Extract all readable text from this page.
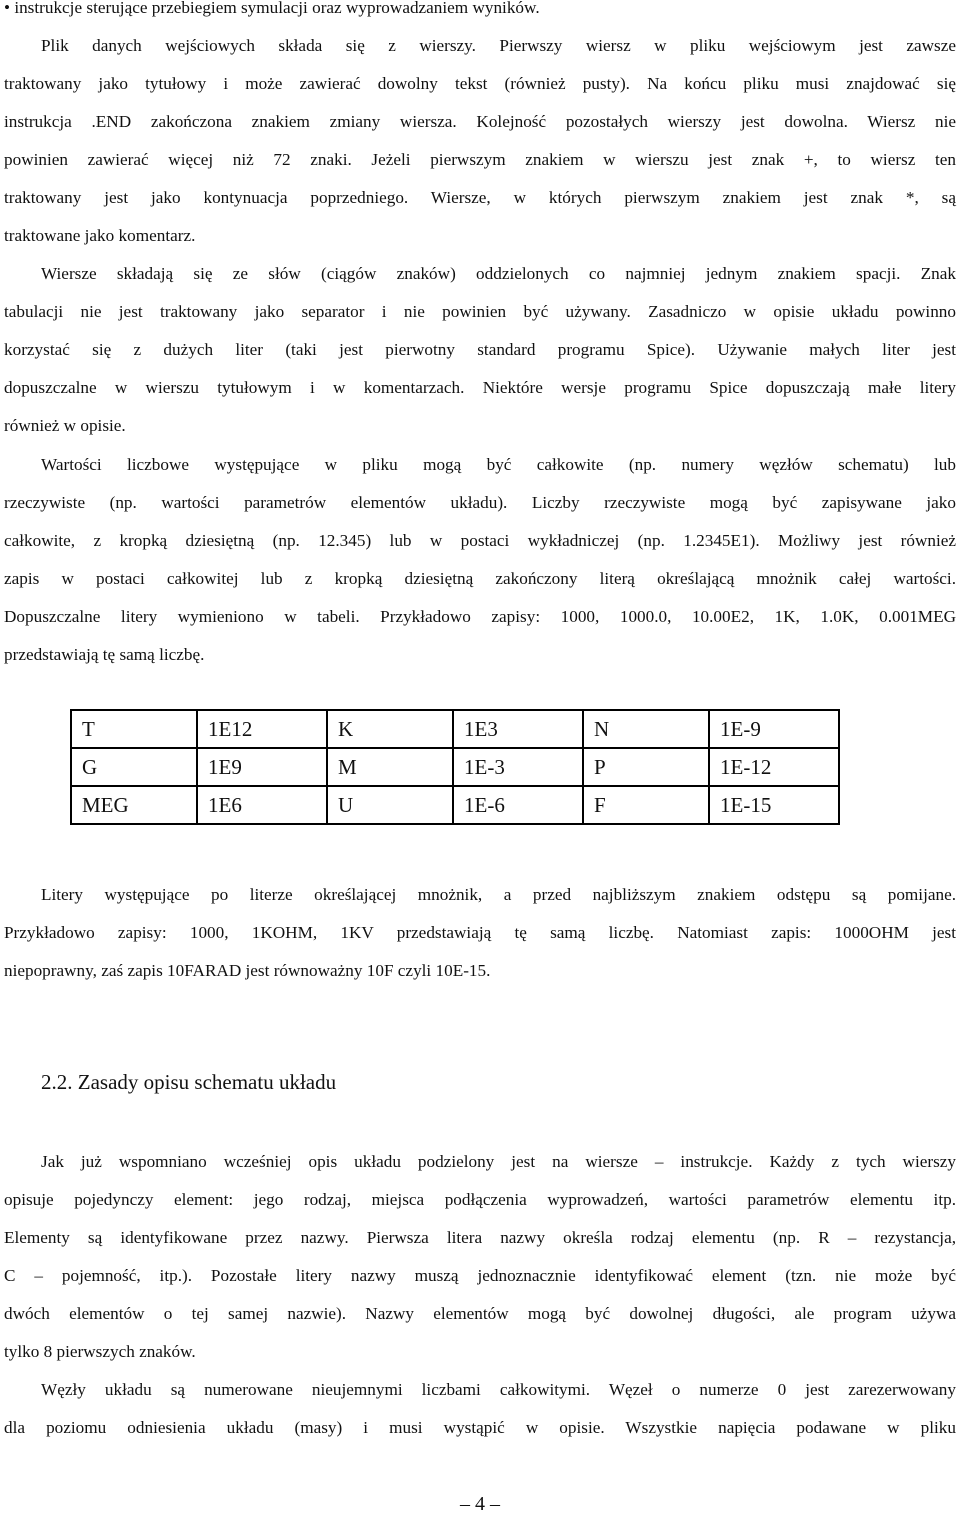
• instrukcje sterujące przebiegiem symulacji oraz wyprowadzaniem wyników.
Plik danych wejściowych składa się z wierszy. Pierwszy wiersz w pliku wejściowym jest zawsze
traktowany jako tytułowy i może zawierać dowolny tekst (również pusty). Na końcu pliku musi znajdować się
instrukcja .END zakończona znakiem zmiany wiersza. Kolejność pozostałych wierszy jest dowolna. Wiersz nie
powinien zawierać więcej niż 72 znaki. Jeżeli pierwszym znakiem w wierszu jest znak +, to wiersz ten
traktowany jest jako kontynuacja poprzedniego. Wiersze, w których pierwszym znakiem jest znak *, są
traktowane jako komentarz.
Wiersze składają się ze słów (ciągów znaków) oddzielonych co najmniej jednym znakiem spacji. Znak
tabulacji nie jest traktowany jako separator i nie powinien być używany. Zasadniczo w opisie układu powinno
korzystać się z dużych liter (taki jest pierwotny standard programu Spice). Używanie małych liter jest
dopuszczalne w wierszu tytułowym i w komentarzach. Niektóre wersje programu Spice dopuszczają małe litery
również w opisie.
Wartości liczbowe występujące w pliku mogą być całkowite (np. numery węzłów schematu) lub
rzeczywiste (np. wartości parametrów elementów układu). Liczby rzeczywiste mogą być zapisywane jako
całkowite, z kropką dziesiętną (np. 12.345) lub w postaci wykładniczej (np. 1.2345E1). Możliwy jest również
zapis w postaci całkowitej lub z kropką dziesiętną zakończony literą określającą mnożnik całej wartości.
Dopuszczalne litery wymieniono w tabeli. Przykładowo zapisy: 1000, 1000.0, 10.00E2, 1K, 1.0K, 0.001MEG
przedstawiają tę samą liczbę.
T	1E12	K	1E3	N	1E-9
G	1E9	M	1E-3	P	1E-12
MEG	1E6	U	1E-6	F	1E-15
Litery występujące po literze określającej mnożnik, a przed najbliższym znakiem odstępu są pomijane.
Przykładowo zapisy: 1000, 1KOHM, 1KV przedstawiają tę samą liczbę. Natomiast zapis: 1000OHM jest
niepoprawny, zaś zapis 10FARAD jest równoważny 10F czyli 10E-15.
2.2. Zasady opisu schematu układu
Jak już wspomniano wcześniej opis układu podzielony jest na wiersze – instrukcje. Każdy z tych wierszy
opisuje pojedynczy element: jego rodzaj, miejsca podłączenia wyprowadzeń, wartości parametrów elementu itp.
Elementy są identyfikowane przez nazwy. Pierwsza litera nazwy określa rodzaj elementu (np. R – rezystancja,
C – pojemność, itp.). Pozostałe litery nazwy muszą jednoznacznie identyfikować element (tzn. nie może być
dwóch elementów o tej samej nazwie). Nazwy elementów mogą być dowolnej długości, ale program używa
tylko 8 pierwszych znaków.
Węzły układu są numerowane nieujemnymi liczbami całkowitymi. Węzeł o numerze 0 jest zarezerwowany
dla poziomu odniesienia układu (masy) i musi wystąpić w opisie. Wszystkie napięcia podawane w pliku
– 4 –
